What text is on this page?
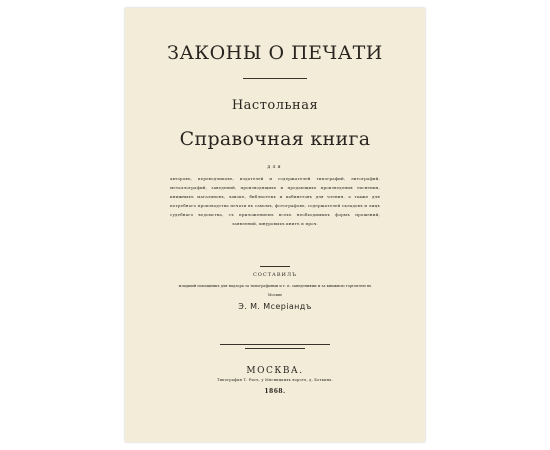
ЗАКОНЫ О ПЕЧАТИ
Настольная
Справочная книга
для
авторовъ, переводчиковъ, издателей и содержателей типографий, литографий, металлографий, заведений, производящихъ и продающихъ произведения тиснения, книжныхъ магазиновъ, лавокъ, библиотекъ и кабинетовъ для чтения, а также для потребного производства печати въ самомъ, фотографовъ, содержателей складовъ и лицъ судебнаго ведомства, съ приложениемъ всехъ необходимыхъ формъ прошений, заявлений, шнуровыхъ книгъ и проч.
СОСТАВИЛЪ
младший помощникъ для надзора за типографиями и т. п. заведениями и за книжною торговлею въ Москве
Э. М. Мсерiандъ
МОСКВА.
Типография Т. Рисъ, у Мясницкихъ воротъ, д. Боткина.
1868.
